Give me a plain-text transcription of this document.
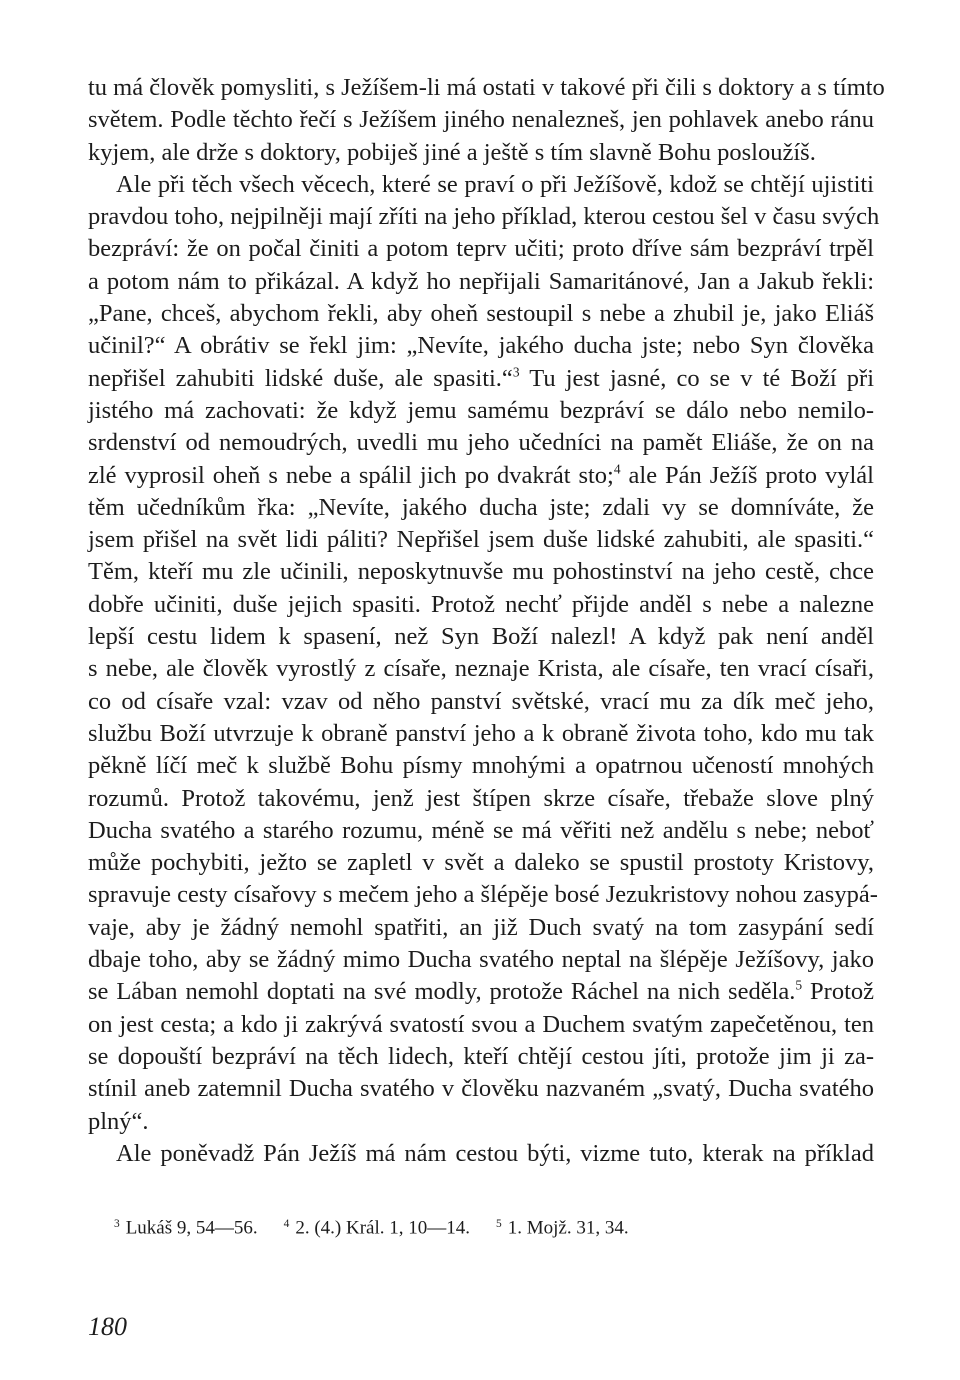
tu má člověk pomysliti, s Ježíšem-li má ostati v takové při čili s doktory a s tímto
světem. Podle těchto řečí s Ježíšem jiného nenalezneš, jen pohlavek anebo ránu
kyjem, ale drže s doktory, pobiješ jiné a ještě s tím slavně Bohu posloužíš.
Ale při těch všech věcech, které se praví o při Ježíšově, kdož se chtějí ujistiti
pravdou toho, nejpilněji mají zříti na jeho příklad, kterou cestou šel v času svých
bezpráví: že on počal činiti a potom teprv učiti; proto dříve sám bezpráví trpěl
a potom nám to přikázal. A když ho nepřijali Samaritánové, Jan a Jakub řekli:
„Pane, chceš, abychom řekli, aby oheň sestoupil s nebe a zhubil je, jako Eliáš
učinil?“ A obrátiv se řekl jim: „Nevíte, jakého ducha jste; nebo Syn člověka
nepřišel zahubiti lidské duše, ale spasiti.“$^3$ Tu jest jasné, co se v té Boží při
jistého má zachovati: že když jemu samému bezpráví se dálo nebo nemilo-
srdenství od nemoudrých, uvedli mu jeho učedníci na pamět Eliáše, že on na
zlé vyprosil oheň s nebe a spálil jich po dvakrát sto;$^4$ ale Pán Ježíš proto vylál
těm učedníkům řka: „Nevíte, jakého ducha jste; zdali vy se domníváte, že
jsem přišel na svět lidi páliti? Nepřišel jsem duše lidské zahubiti, ale spasiti.“
Těm, kteří mu zle učinili, neposkytnuvše mu pohostinství na jeho cestě, chce
dobře učiniti, duše jejich spasiti. Protož nechť přijde anděl s nebe a nalezne
lepší cestu lidem k spasení, než Syn Boží nalezl! A když pak není anděl
s nebe, ale člověk vyrostlý z císaře, neznaje Krista, ale císaře, ten vrací císaři,
co od císaře vzal: vzav od něho panství světské, vrací mu za dík meč jeho,
službu Boží utvrzuje k obraně panství jeho a k obraně života toho, kdo mu tak
pěkně líčí meč k službě Bohu písmy mnohými a opatrnou učeností mnohých
rozumů. Protož takovému, jenž jest štípen skrze císaře, třebaže slove plný
Ducha svatého a starého rozumu, méně se má věřiti než andělu s nebe; neboť
může pochybiti, ježto se zapletl v svět a daleko se spustil prostoty Kristovy,
spravuje cesty císařovy s mečem jeho a šlépěje bosé Jezukristovy nohou zasypá-
vaje, aby je žádný nemohl spatřiti, an již Duch svatý na tom zasypání sedí
dbaje toho, aby se žádný mimo Ducha svatého neptal na šlépěje Ježíšovy, jako
se Lában nemohl doptati na své modly, protože Ráchel na nich seděla.$^5$ Protož
on jest cesta; a kdo ji zakrývá svatostí svou a Duchem svatým zapečetěnou, ten
se dopouští bezpráví na těch lidech, kteří chtějí cestou jíti, protože jim ji za-
stínil aneb zatemnil Ducha svatého v člověku nazvaném „svatý, Ducha svatého
plný“.
Ale poněvadž Pán Ježíš má nám cestou býti, vizme tuto, kterak na příklad
$^3$ Lukáš 9, 54—56. $^4$ 2. (4.) Král. 1, 10—14. $^5$ 1. Mojž. 31, 34.
180
